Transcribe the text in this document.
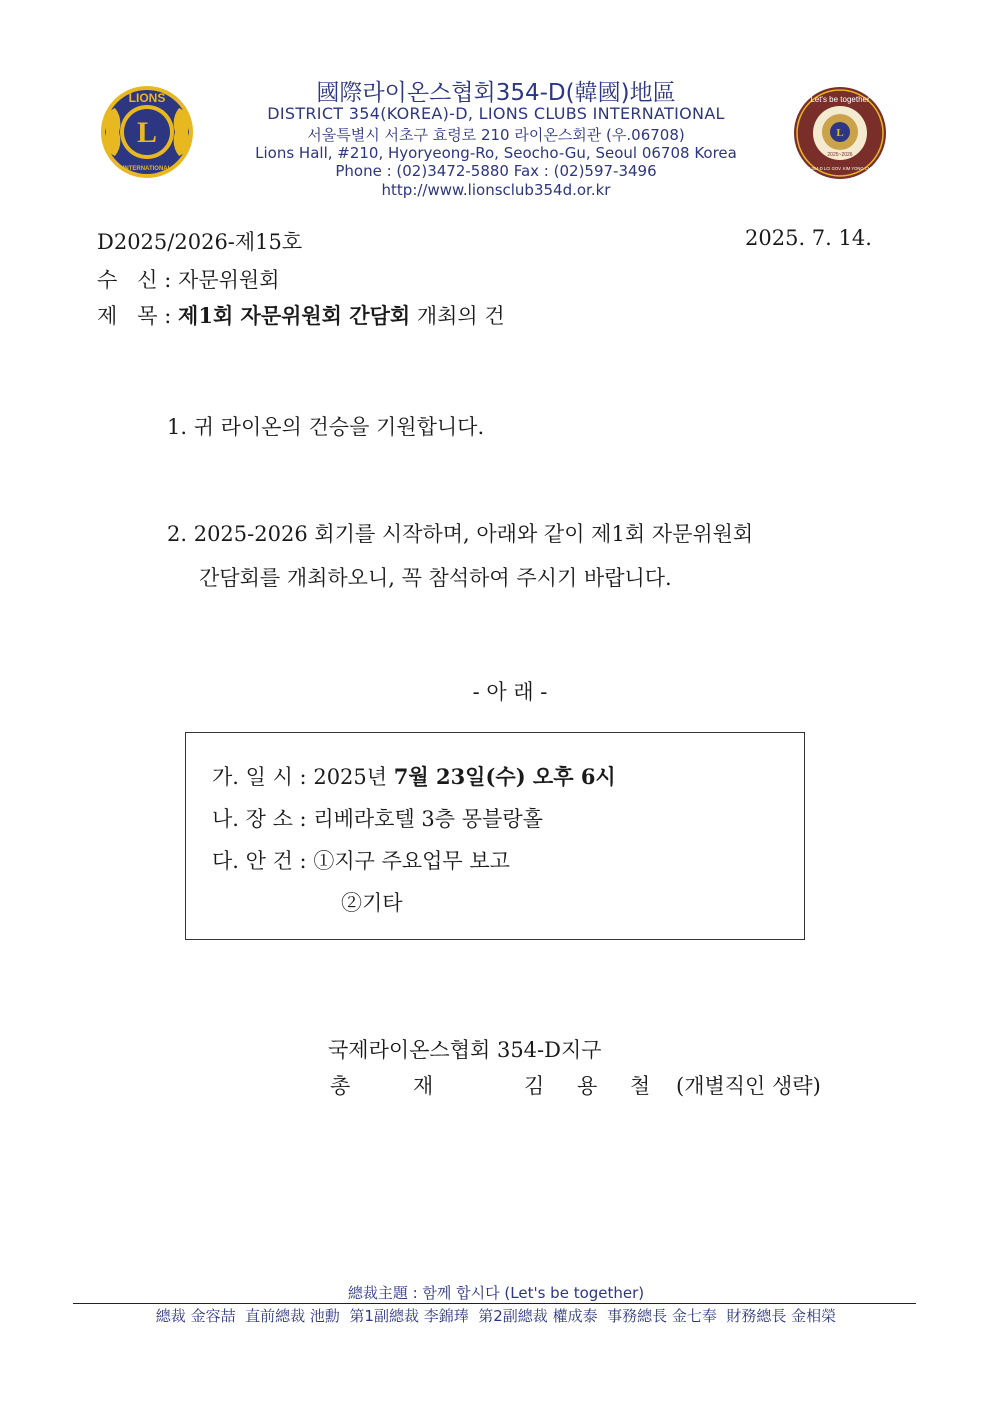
L
LIONS
INTERNATIONAL
國際라이온스협회354-D(韓國)地區
DISTRICT 354(KOREA)-D, LIONS CLUBS INTERNATIONAL
서울특별시 서초구 효령로 210 라이온스회관 (우.06708)
Lions Hall, #210, Hyoryeong-Ro, Seocho-Gu, Seoul 06708 Korea
Phone : (02)3472-5880 Fax : (02)597-3496
http://www.lionsclub354d.or.kr
L
Let's be together
2025~2026
DIST 354-D LCI GOV. KIM YONG CHEOL
D2025/2026-제15호	2025. 7. 14.
수   신 : 자문위원회
제   목 : 제1회 자문위원회 간담회 개최의 건
1. 귀 라이온의 건승을 기원합니다.
2. 2025-2026 회기를 시작하며, 아래와 같이 제1회 자문위원회
간담회를 개최하오니, 꼭 참석하여 주시기 바랍니다.
- 아 래 -
가. 일 시 : 2025년 7월 23일(수) 오후 6시
나. 장 소 : 리베라호텔 3층 몽블랑홀
다. 안 건 : ①지구 주요업무 보고
②기타
국제라이온스협회 354-D지구
총 재	김 용 철 (개별직인 생략)
總裁主題 : 함께 합시다 (Let's be together)
總裁 金容喆  直前總裁 池勳  第1副總裁 李錦琫  第2副總裁 權成泰  事務總長 金七奉  財務總長 金相榮
